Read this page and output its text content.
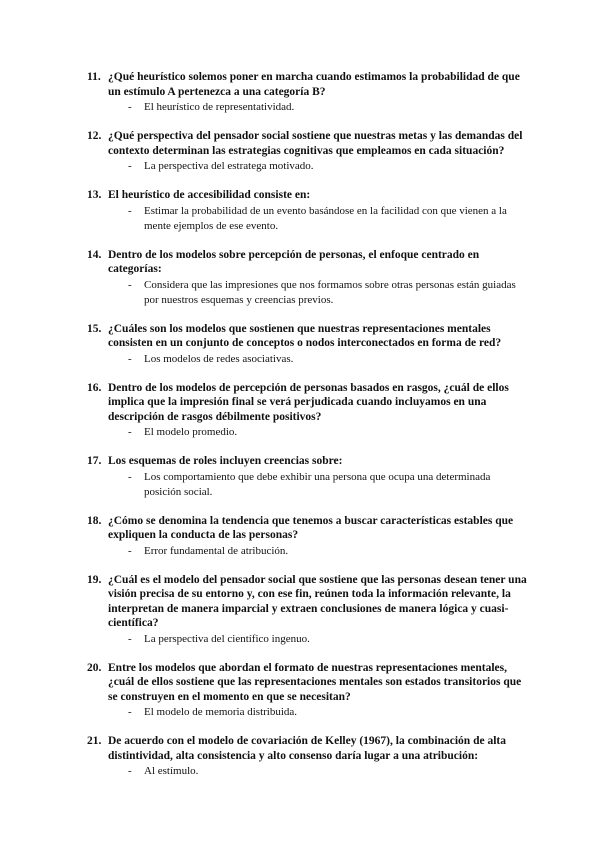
11. ¿Qué heurístico solemos poner en marcha cuando estimamos la probabilidad de que un estímulo A pertenezca a una categoría B?
- El heurístico de representatividad.
12. ¿Qué perspectiva del pensador social sostiene que nuestras metas y las demandas del contexto determinan las estrategias cognitivas que empleamos en cada situación?
- La perspectiva del estratega motivado.
13. El heurístico de accesibilidad consiste en:
- Estimar la probabilidad de un evento basándose en la facilidad con que vienen a la mente ejemplos de ese evento.
14. Dentro de los modelos sobre percepción de personas, el enfoque centrado en categorías:
- Considera que las impresiones que nos formamos sobre otras personas están guiadas por nuestros esquemas y creencias previos.
15. ¿Cuáles son los modelos que sostienen que nuestras representaciones mentales consisten en un conjunto de conceptos o nodos interconectados en forma de red?
- Los modelos de redes asociativas.
16. Dentro de los modelos de percepción de personas basados en rasgos, ¿cuál de ellos implica que la impresión final se verá perjudicada cuando incluyamos en una descripción de rasgos débilmente positivos?
- El modelo promedio.
17. Los esquemas de roles incluyen creencias sobre:
- Los comportamiento que debe exhibir una persona que ocupa una determinada posición social.
18. ¿Cómo se denomina la tendencia que tenemos a buscar características estables que expliquen la conducta de las personas?
- Error fundamental de atribución.
19. ¿Cuál es el modelo del pensador social que sostiene que las personas desean tener una visión precisa de su entorno y, con ese fin, reúnen toda la información relevante, la interpretan de manera imparcial y extraen conclusiones de manera lógica y cuasi-científica?
- La perspectiva del científico ingenuo.
20. Entre los modelos que abordan el formato de nuestras representaciones mentales, ¿cuál de ellos sostiene que las representaciones mentales son estados transitorios que se construyen en el momento en que se necesitan?
- El modelo de memoria distribuida.
21. De acuerdo con el modelo de covariación de Kelley (1967), la combinación de alta distintividad, alta consistencia y alto consenso daría lugar a una atribución:
- Al estímulo.
